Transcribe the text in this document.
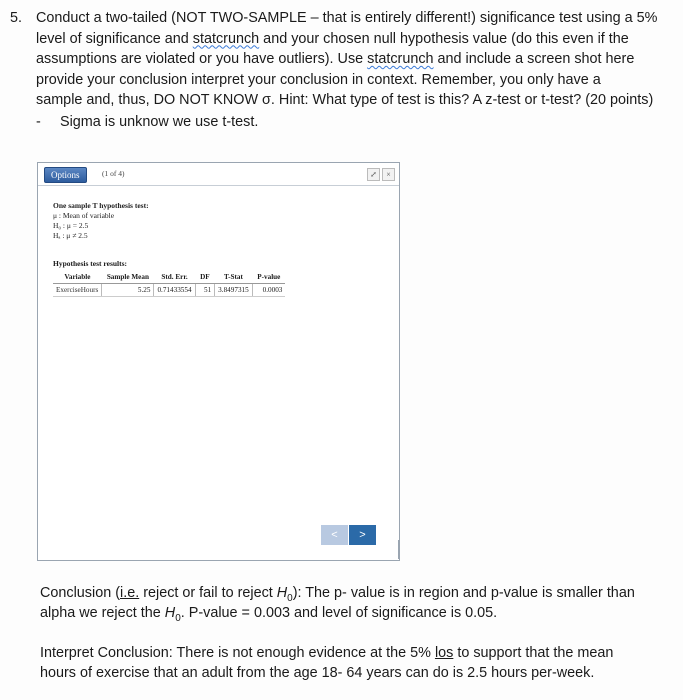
5. Conduct a two-tailed (NOT TWO-SAMPLE – that is entirely different!) significance test using a 5%
level of significance and statcrunch and your chosen null hypothesis value (do this even if the
assumptions are violated or you have outliers). Use statcrunch and include a screen shot here
provide your conclusion interpret your conclusion in context. Remember, you only have a
sample and, thus, DO NOT KNOW σ. Hint: What type of test is this? A z-test or t-test? (20 points)
- Sigma is unknow we use t-test.
Options	(1 of 4)	⤢	×
One sample T hypothesis test:
μ : Mean of variable
H₀ : μ = 2.5
Hₐ : μ ≠ 2.5
Hypothesis test results:
Variable	Sample Mean	Std. Err.	DF	T-Stat	P-value
ExerciseHours	5.25	0.71433554	51	3.8497315	0.0003
<	>
Conclusion (i.e. reject or fail to reject $H_0$): The p- value is in region and p-value is smaller than
alpha we reject the $H_0$. P-value = 0.003 and level of significance is 0.05.
Interpret Conclusion: There is not enough evidence at the 5% los to support that the mean
hours of exercise that an adult from the age 18- 64 years can do is 2.5 hours per-week.
